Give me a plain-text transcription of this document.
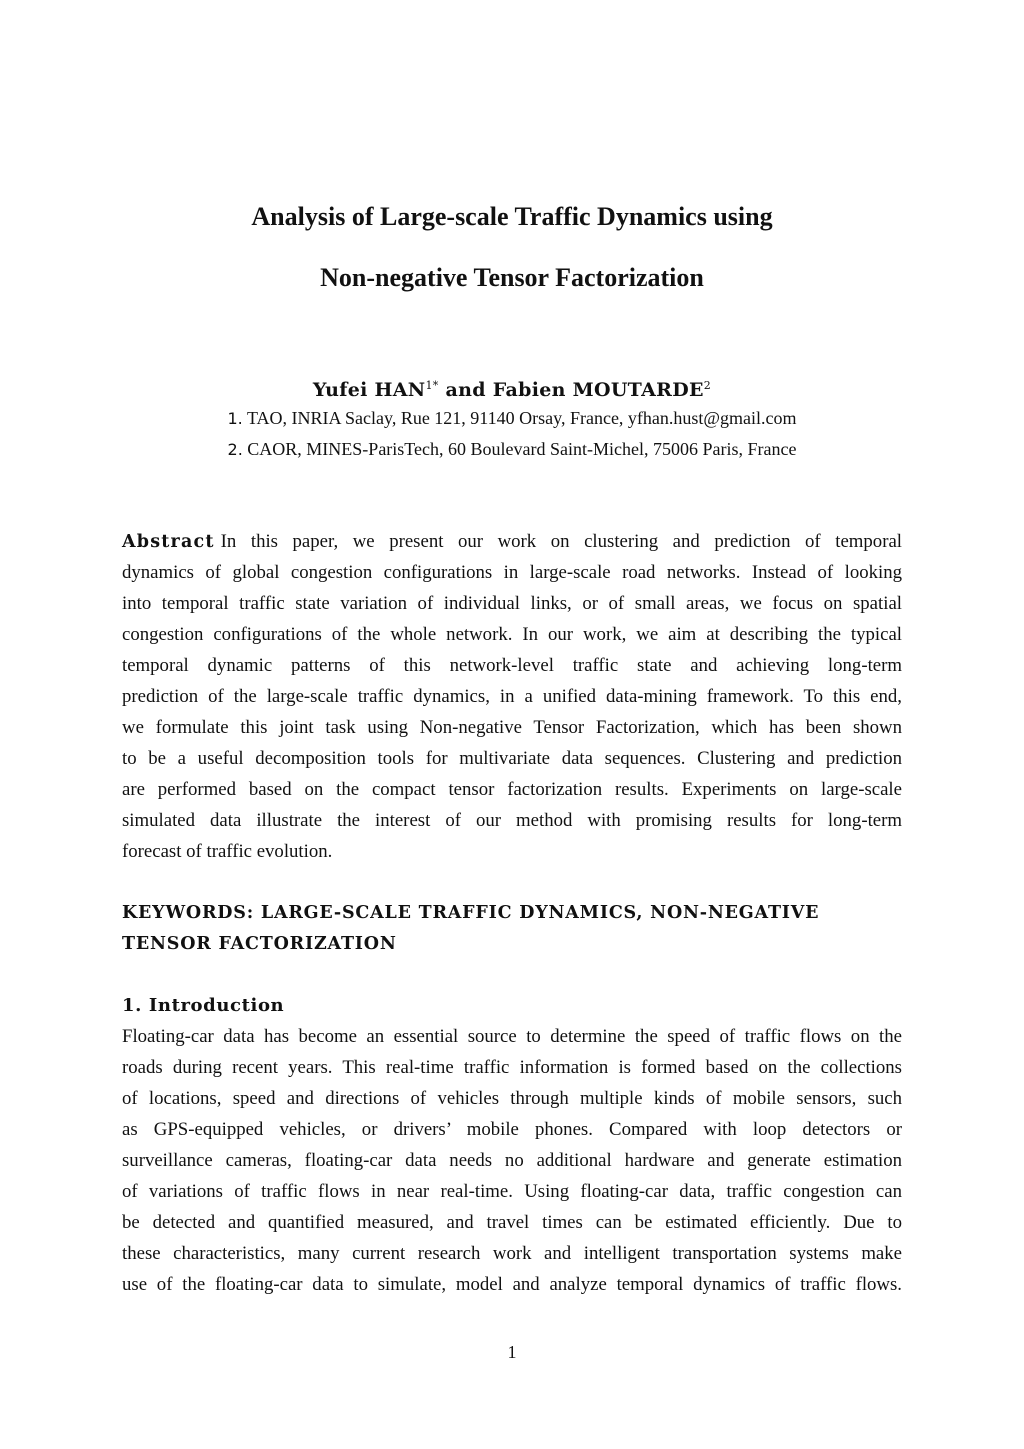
Analysis of Large-scale Traffic Dynamics using
Non-negative Tensor Factorization
Yufei $HAN^{1*}$ and Fabien MOUTARDE$^2$
1. TAO, INRIA Saclay, Rue 121, 91140 Orsay, France, yfhan.hust@gmail.com
2. CAOR, MINES-ParisTech, 60 Boulevard Saint-Michel, 75006 Paris, France
Abstract In this paper, we present our work on clustering and prediction of temporal
dynamics of global congestion configurations in large-scale road networks. Instead of looking
into temporal traffic state variation of individual links, or of small areas, we focus on spatial
congestion configurations of the whole network. In our work, we aim at describing the typical
temporal dynamic patterns of this network-level traffic state and achieving long-term
prediction of the large-scale traffic dynamics, in a unified data-mining framework. To this end,
we formulate this joint task using Non-negative Tensor Factorization, which has been shown
to be a useful decomposition tools for multivariate data sequences. Clustering and prediction
are performed based on the compact tensor factorization results. Experiments on large-scale
simulated data illustrate the interest of our method with promising results for long-term
forecast of traffic evolution.
KEYWORDS: LARGE-SCALE TRAFFIC DYNAMICS, NON-NEGATIVE
TENSOR FACTORIZATION
1. Introduction
Floating-car data has become an essential source to determine the speed of traffic flows on the
roads during recent years. This real-time traffic information is formed based on the collections
of locations, speed and directions of vehicles through multiple kinds of mobile sensors, such
as GPS-equipped vehicles, or drivers’ mobile phones. Compared with loop detectors or
surveillance cameras, floating-car data needs no additional hardware and generate estimation
of variations of traffic flows in near real-time. Using floating-car data, traffic congestion can
be detected and quantified measured, and travel times can be estimated efficiently. Due to
these characteristics, many current research work and intelligent transportation systems make
use of the floating-car data to simulate, model and analyze temporal dynamics of traffic flows.
1
